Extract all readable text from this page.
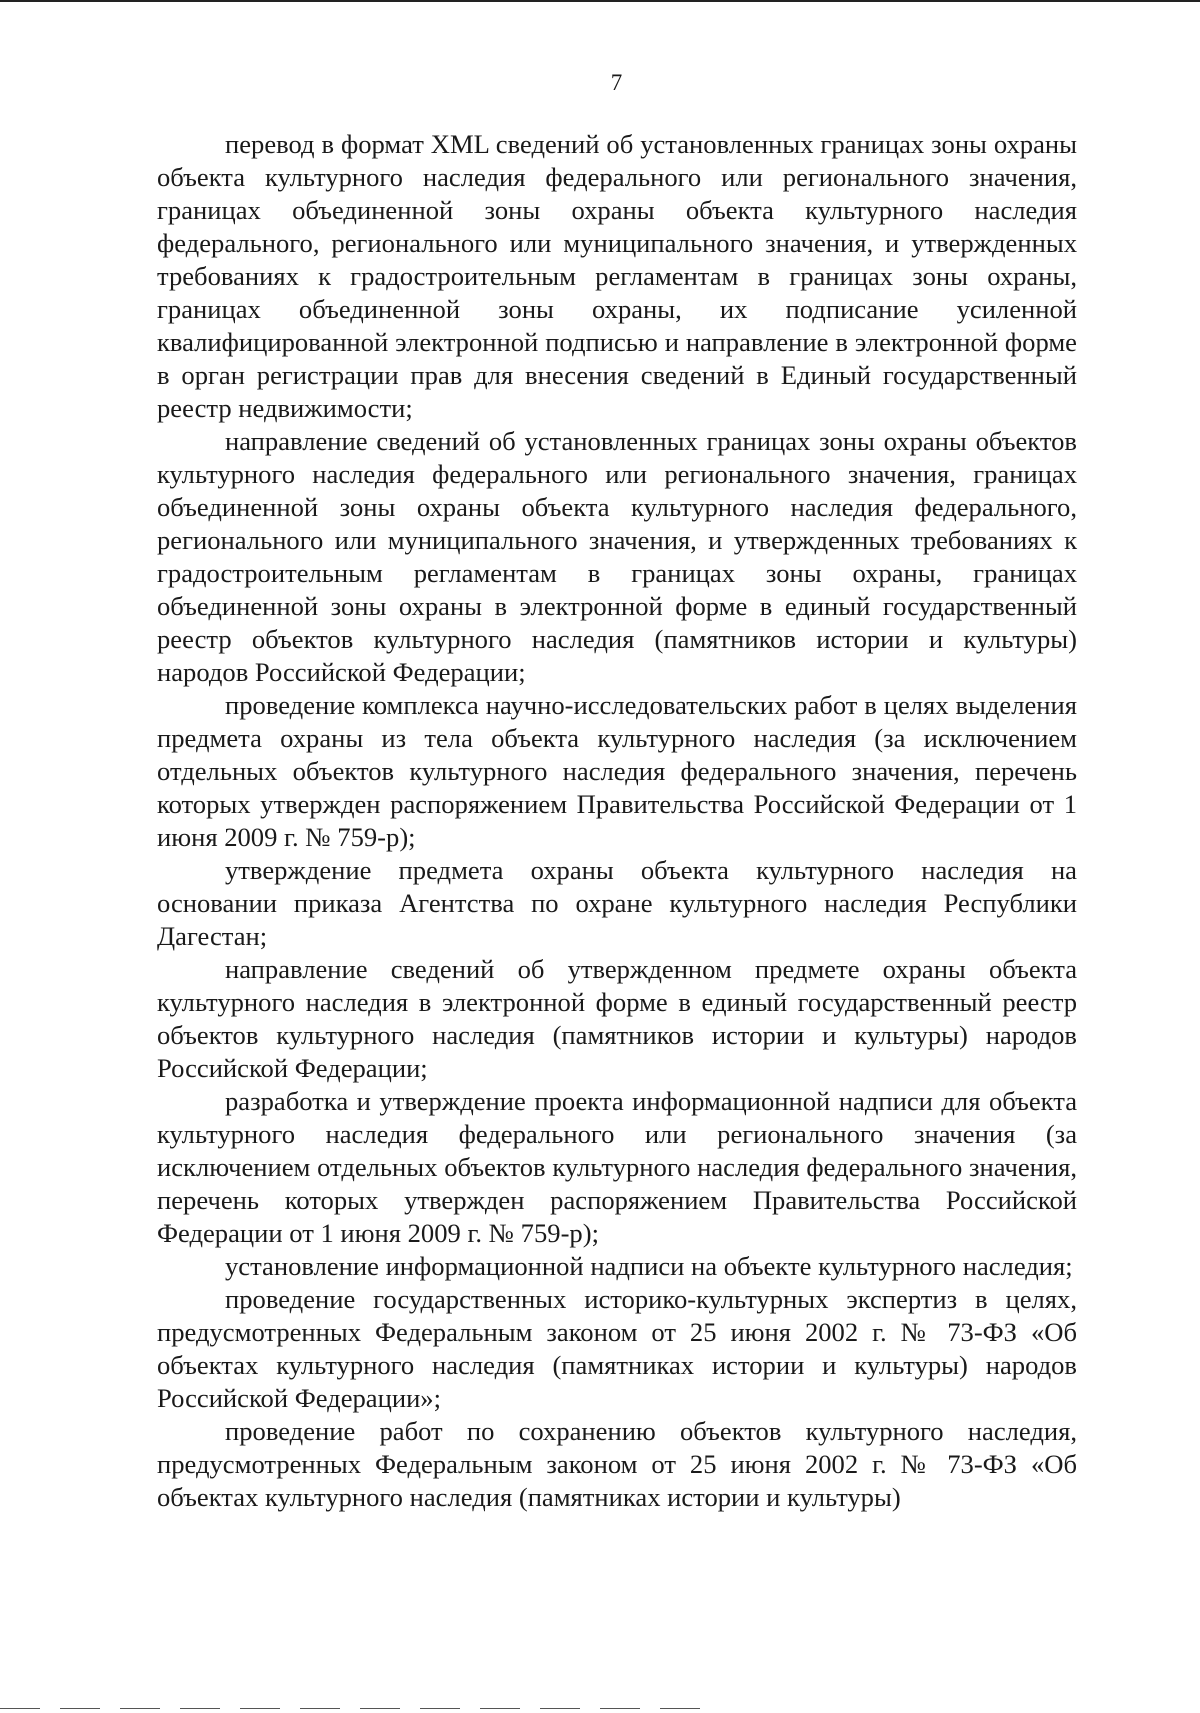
7

перевод в формат XML сведений об установленных границах зоны охраны объекта культурного наследия федерального или регионального значения, границах объединенной зоны охраны объекта культурного наследия федерального, регионального или муниципального значения, и утвержденных требованиях к градостроительным регламентам в границах зоны охраны, границах объединенной зоны охраны, их подписание усиленной квалифицированной электронной подписью и направление в электронной форме в орган регистрации прав для внесения сведений в Единый государственный реестр недвижимости;

направление сведений об установленных границах зоны охраны объектов культурного наследия федерального или регионального значения, границах объединенной зоны охраны объекта культурного наследия федерального, регионального или муниципального значения, и утвержденных требованиях к градостроительным регламентам в границах зоны охраны, границах объединенной зоны охраны в электронной форме в единый государственный реестр объектов культурного наследия (памятников истории и культуры) народов Российской Федерации;

проведение комплекса научно-исследовательских работ в целях выделения предмета охраны из тела объекта культурного наследия (за исключением отдельных объектов культурного наследия федерального значения, перечень которых утвержден распоряжением Правительства Российской Федерации от 1 июня 2009 г. № 759-р);

утверждение предмета охраны объекта культурного наследия на основании приказа Агентства по охране культурного наследия Республики Дагестан;

направление сведений об утвержденном предмете охраны объекта культурного наследия в электронной форме в единый государственный реестр объектов культурного наследия (памятников истории и культуры) народов Российской Федерации;

разработка и утверждение проекта информационной надписи для объекта культурного наследия федерального или регионального значения (за исключением отдельных объектов культурного наследия федерального значения, перечень которых утвержден распоряжением Правительства Российской Федерации от 1 июня 2009 г. № 759-р);

установление информационной надписи на объекте культурного наследия;

проведение государственных историко-культурных экспертиз в целях, предусмотренных Федеральным законом от 25 июня 2002 г. № 73-ФЗ «Об объектах культурного наследия (памятниках истории и культуры) народов Российской Федерации»;

проведение работ по сохранению объектов культурного наследия, предусмотренных Федеральным законом от 25 июня 2002 г. № 73-ФЗ «Об объектах культурного наследия (памятниках истории и культуры)
